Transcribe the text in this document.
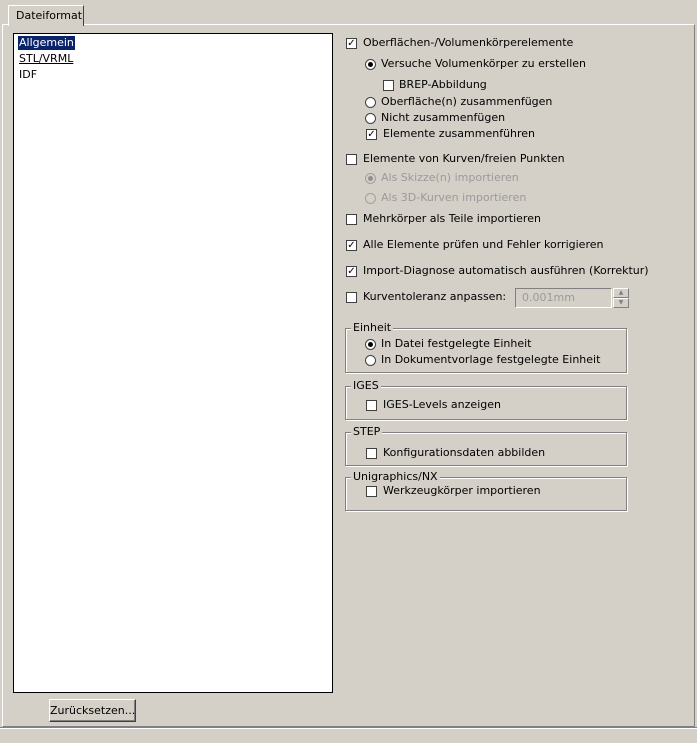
Dateiformat
Allgemein
STL/VRML
IDF
Zurücksetzen...
✓ Oberflächen-/Volumenkörperelemente
Versuche Volumenkörper zu erstellen
BREP-Abbildung
Oberfläche(n) zusammenfügen
Nicht zusammenfügen
✓ Elemente zusammenführen
Elemente von Kurven/freien Punkten
Als Skizze(n) importieren
Als 3D-Kurven importieren
Mehrkörper als Teile importieren
✓ Alle Elemente prüfen und Fehler korrigieren
✓ Import-Diagnose automatisch ausführen (Korrektur)
Kurventoleranz anpassen:	0.001mm	▲
▼
Einheit
In Datei festgelegte Einheit
In Dokumentvorlage festgelegte Einheit
IGES
IGES-Levels anzeigen
STEP
Konfigurationsdaten abbilden
Unigraphics/NX
Werkzeugkörper importieren
